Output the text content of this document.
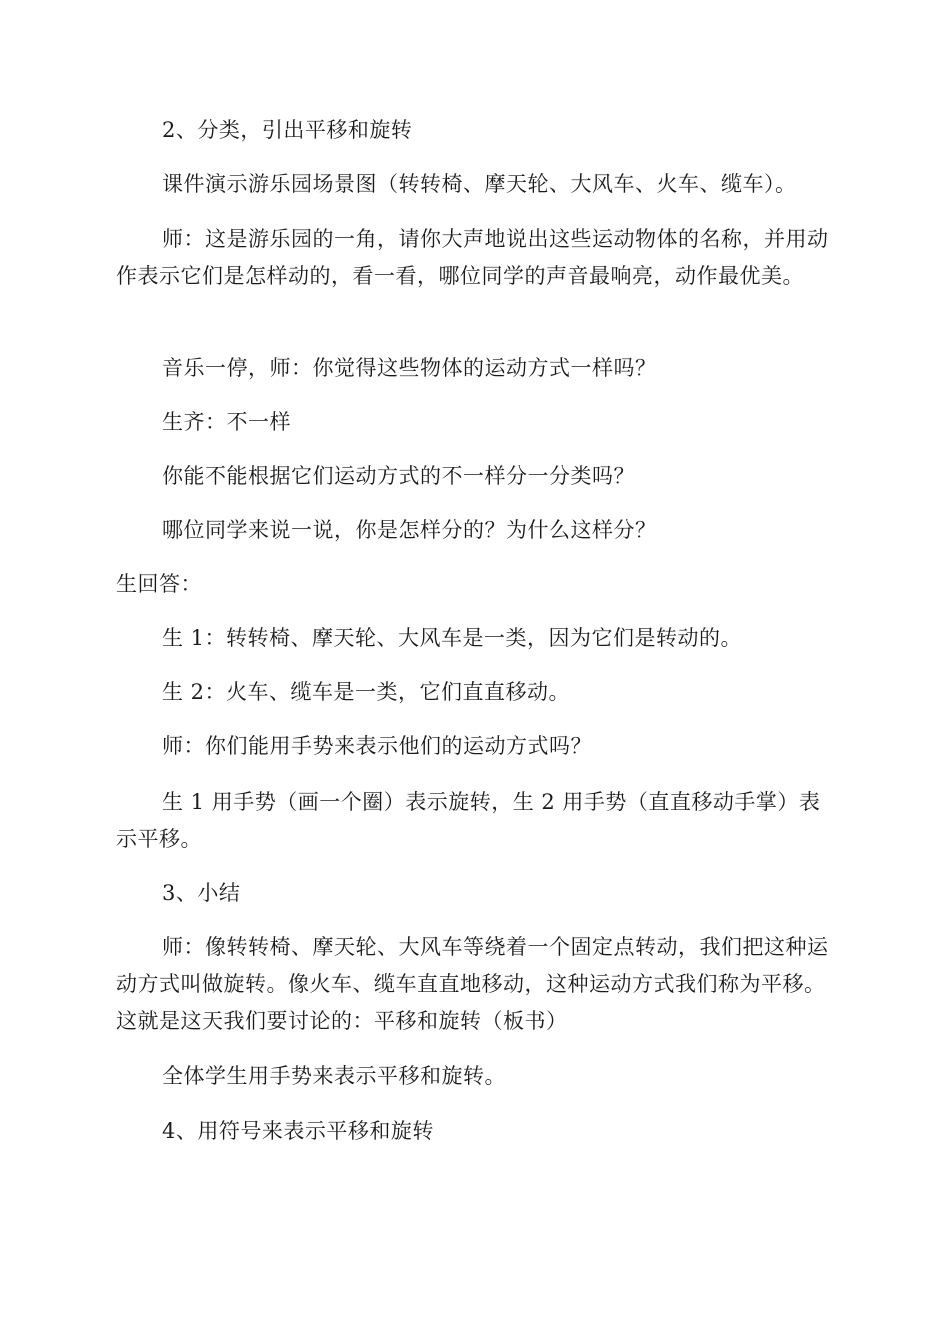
2、分类，引出平移和旋转

课件演示游乐园场景图（转转椅、摩天轮、大风车、火车、缆车）。

师：这是游乐园的一角，请你大声地说出这些运动物体的名称，并用动作表示它们是怎样动的，看一看，哪位同学的声音最响亮，动作最优美。

音乐一停，师：你觉得这些物体的运动方式一样吗？

生齐：不一样

你能不能根据它们运动方式的不一样分一分类吗？

哪位同学来说一说，你是怎样分的？为什么这样分？

生回答：

生 1：转转椅、摩天轮、大风车是一类，因为它们是转动的。

生 2：火车、缆车是一类，它们直直移动。

师：你们能用手势来表示他们的运动方式吗？

生 1 用手势（画一个圈）表示旋转，生 2 用手势（直直移动手掌）表示平移。

3、小结

师：像转转椅、摩天轮、大风车等绕着一个固定点转动，我们把这种运动方式叫做旋转。像火车、缆车直直地移动，这种运动方式我们称为平移。这就是这天我们要讨论的：平移和旋转（板书）

全体学生用手势来表示平移和旋转。

4、用符号来表示平移和旋转
